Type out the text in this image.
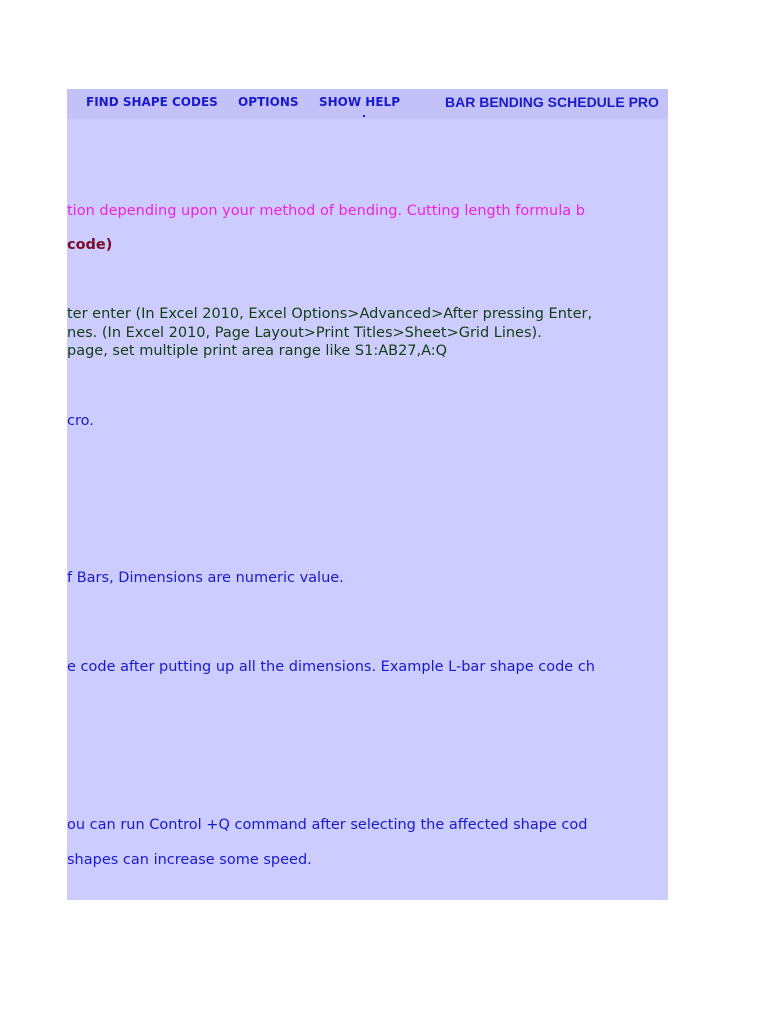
FIND SHAPE CODES OPTIONS SHOW HELP	BAR BENDING SCHEDULE PRO
tion depending upon your method of bending. Cutting length formula b
code)
ter enter (In Excel 2010, Excel Options>Advanced>After pressing Enter,
nes. (In Excel 2010, Page Layout>Print Titles>Sheet>Grid Lines).
page, set multiple print area range like S1:AB27,A:Q
cro.
f Bars, Dimensions are numeric value.
e code after putting up all the dimensions. Example L-bar shape code ch
ou can run Control +Q command after selecting the affected shape cod
shapes can increase some speed.
